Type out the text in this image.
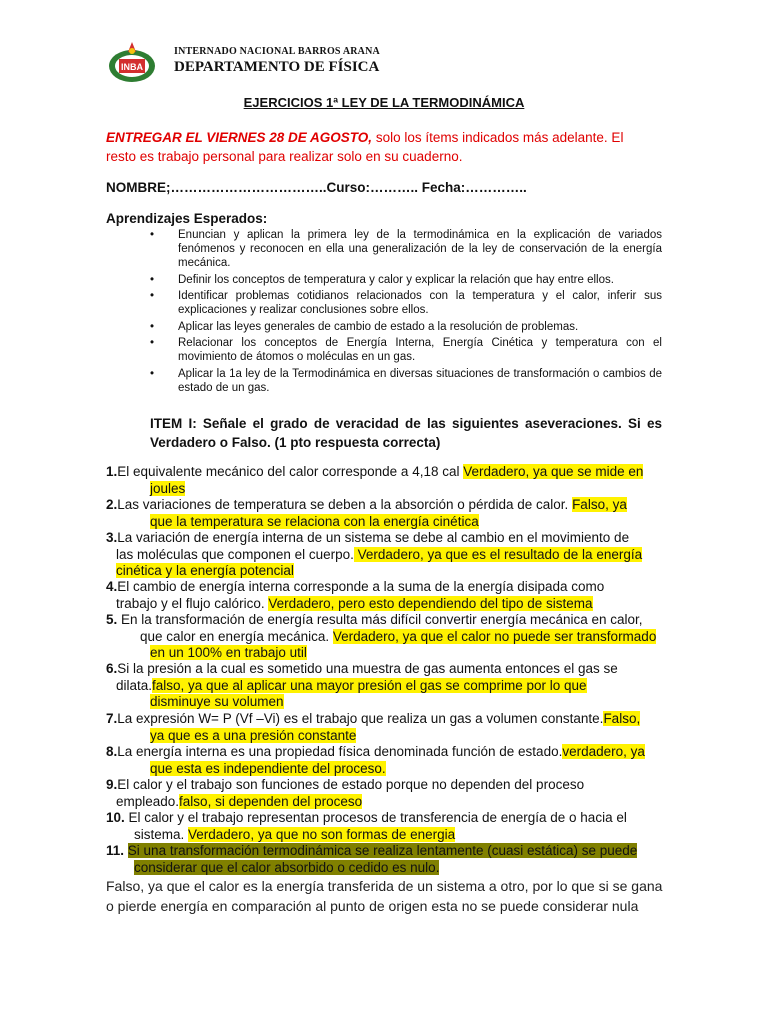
INBA
INTERNADO NACIONAL BARROS ARANA
DEPARTAMENTO DE FÍSICA
EJERCICIOS 1ª LEY DE LA TERMODINÁMICA
ENTREGAR EL VIERNES 28 DE AGOSTO, solo los ítems indicados más adelante. El
resto es trabajo personal para realizar solo en su cuaderno.
NOMBRE;……………………………..Curso:……….. Fecha:…………..
Aprendizajes Esperados:
• Enuncian y aplican la primera ley de la termodinámica en la explicación de variados fenómenos y reconocen en ella una generalización de la ley de conservación de la energía mecánica.
• Definir los conceptos de temperatura y calor y explicar la relación que hay entre ellos.
• Identificar problemas cotidianos relacionados con la temperatura y el calor, inferir sus explicaciones y realizar conclusiones sobre ellos.
• Aplicar las leyes generales de cambio de estado a la resolución de problemas.
• Relacionar los conceptos de Energía Interna, Energía Cinética y temperatura con el movimiento de átomos o moléculas en un gas.
• Aplicar la 1a ley de la Termodinámica en diversas situaciones de transformación o cambios de estado de un gas.
ITEM I: Señale el grado de veracidad de las siguientes aseveraciones. Si es Verdadero o Falso. (1 pto respuesta correcta)
1.El equivalente mecánico del calor corresponde a 4,18 cal Verdadero, ya que se mide en
joules
2.Las variaciones de temperatura se deben a la absorción o pérdida de calor. Falso, ya
que la temperatura se relaciona con la energía cinética
3.La variación de energía interna de un sistema se debe al cambio en el movimiento de
las moléculas que componen el cuerpo. Verdadero, ya que es el resultado de la energía
cinética y la energía potencial
4.El cambio de energía interna corresponde a la suma de la energía disipada como
trabajo y el flujo calórico. Verdadero, pero esto dependiendo del tipo de sistema
5. En la transformación de energía resulta más difícil convertir energía mecánica en calor,
que calor en energía mecánica. Verdadero, ya que el calor no puede ser transformado
en un 100% en trabajo util
6.Si la presión a la cual es sometido una muestra de gas aumenta entonces el gas se
dilata.falso, ya que al aplicar una mayor presión el gas se comprime por lo que
disminuye su volumen
7.La expresión W= P (Vf –Vi) es el trabajo que realiza un gas a volumen constante.Falso,
ya que es a una presión constante
8.La energía interna es una propiedad física denominada función de estado.verdadero, ya
que esta es independiente del proceso.
9.El calor y el trabajo son funciones de estado porque no dependen del proceso
empleado.falso, si dependen del proceso
10. El calor y el trabajo representan procesos de transferencia de energía de o hacia el
sistema. Verdadero, ya que no son formas de energia
11. Si una transformación termodinámica se realiza lentamente (cuasi estática) se puede
considerar que el calor absorbido o cedido es nulo.
Falso, ya que el calor es la energía transferida de un sistema a otro, por lo que si se gana o pierde energía en comparación al punto de origen esta no se puede considerar nula
